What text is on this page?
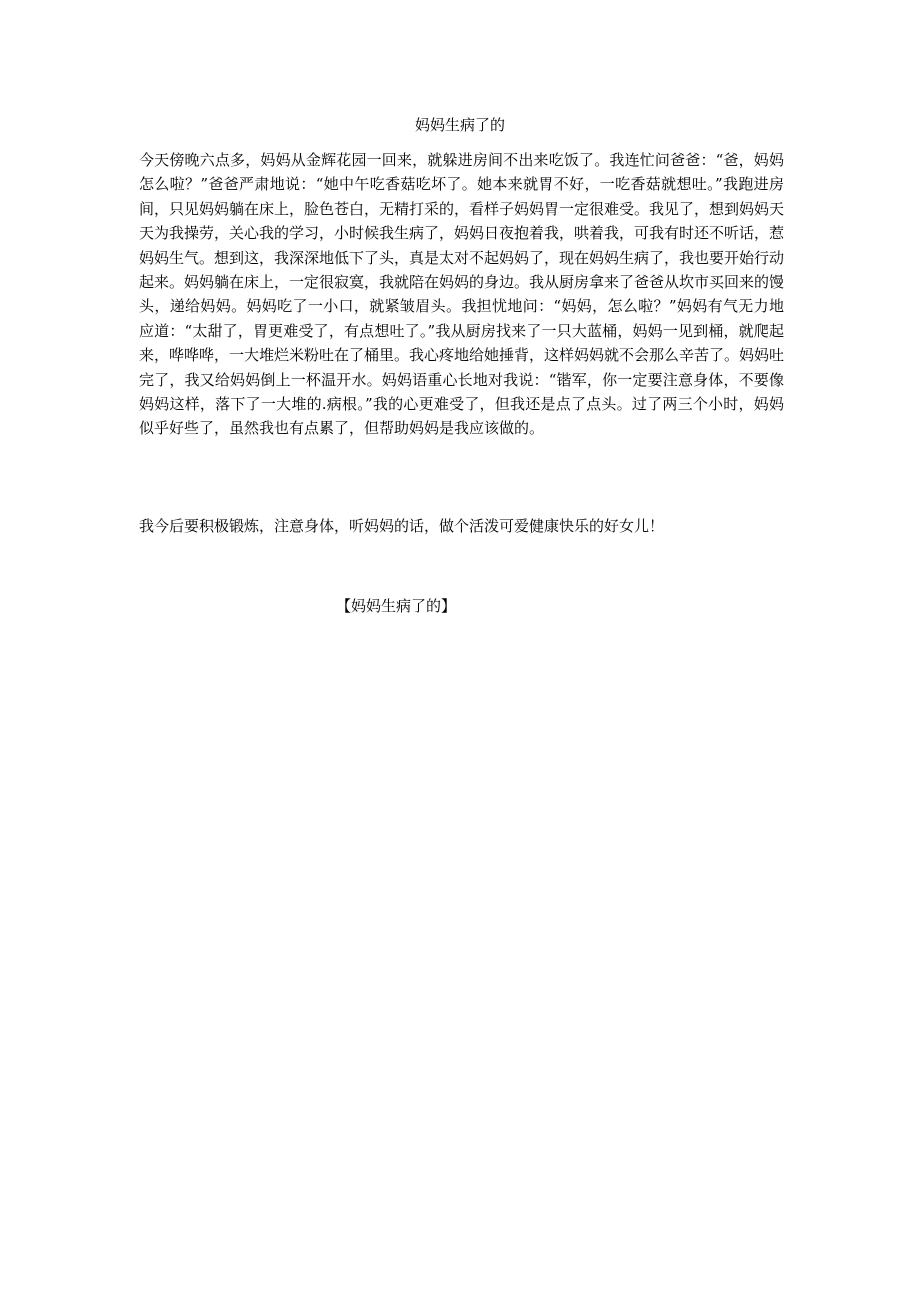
妈妈生病了的

今天傍晚六点多，妈妈从金辉花园一回来，就躲进房间不出来吃饭了。我连忙问爸爸：“爸，妈妈怎么啦？”爸爸严肃地说：“她中午吃香菇吃坏了。她本来就胃不好，一吃香菇就想吐。”我跑进房间，只见妈妈躺在床上，脸色苍白，无精打采的，看样子妈妈胃一定很难受。我见了，想到妈妈天天为我操劳，关心我的学习，小时候我生病了，妈妈日夜抱着我，哄着我，可我有时还不听话，惹妈妈生气。想到这，我深深地低下了头，真是太对不起妈妈了，现在妈妈生病了，我也要开始行动起来。妈妈躺在床上，一定很寂寞，我就陪在妈妈的身边。我从厨房拿来了爸爸从坎市买回来的馒头，递给妈妈。妈妈吃了一小口，就紧皱眉头。我担忧地问：“妈妈，怎么啦？”妈妈有气无力地应道：“太甜了，胃更难受了，有点想吐了。”我从厨房找来了一只大蓝桶，妈妈一见到桶，就爬起来，哗哗哗，一大堆烂米粉吐在了桶里。我心疼地给她捶背，这样妈妈就不会那么辛苦了。妈妈吐完了，我又给妈妈倒上一杯温开水。妈妈语重心长地对我说：“锴军，你一定要注意身体，不要像妈妈这样，落下了一大堆的.病根。”我的心更难受了，但我还是点了点头。过了两三个小时，妈妈似乎好些了，虽然我也有点累了，但帮助妈妈是我应该做的。

我今后要积极锻炼，注意身体，听妈妈的话，做个活泼可爱健康快乐的好女儿！

【妈妈生病了的】
